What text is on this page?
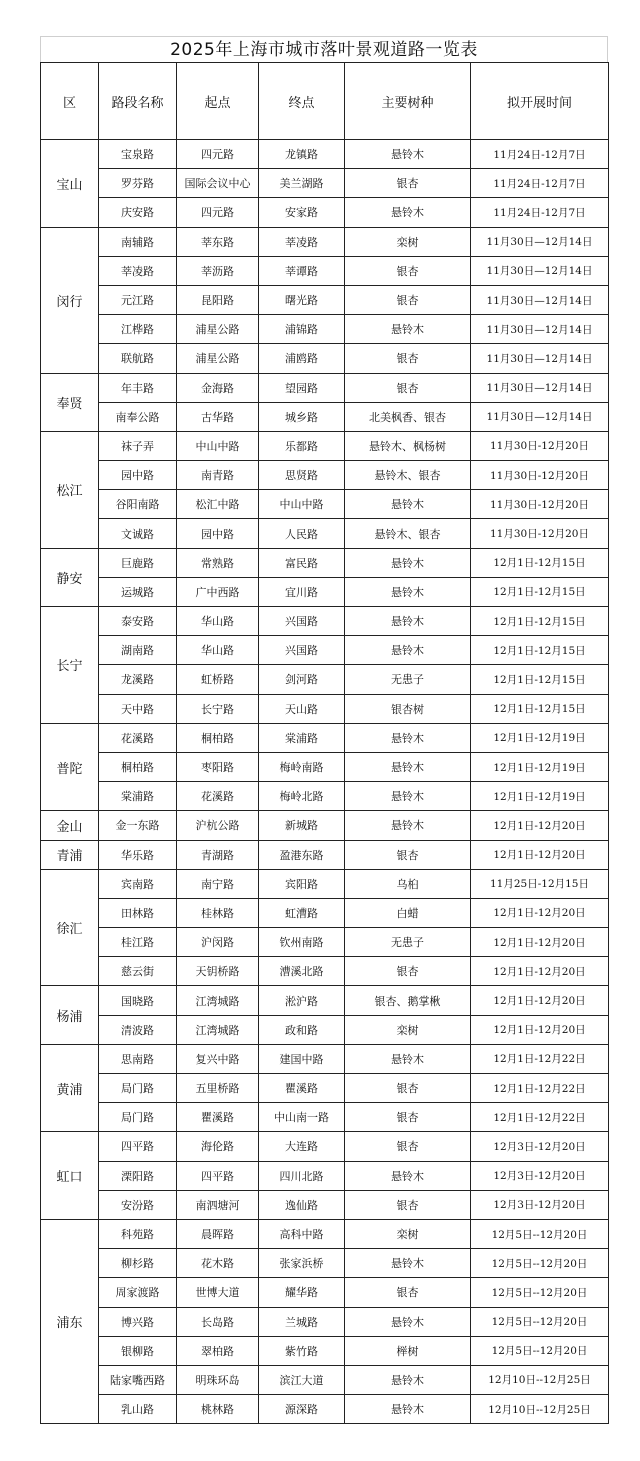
2025年上海市城市落叶景观道路一览表
区	路段名称	起点	终点	主要树种	拟开展时间
宝山	宝泉路	四元路	龙镇路	悬铃木	11月24日-12月7日
	罗芬路	国际会议中心	美兰湖路	银杏	11月24日-12月7日
	庆安路	四元路	安家路	悬铃木	11月24日-12月7日
闵行	南辅路	莘东路	莘凌路	栾树	11月30日—12月14日
	莘凌路	莘沥路	莘谭路	银杏	11月30日—12月14日
	元江路	昆阳路	曙光路	银杏	11月30日—12月14日
	江桦路	浦星公路	浦锦路	悬铃木	11月30日—12月14日
	联航路	浦星公路	浦鸥路	银杏	11月30日—12月14日
奉贤	年丰路	金海路	望园路	银杏	11月30日—12月14日
	南奉公路	古华路	城乡路	北美枫香、银杏	11月30日—12月14日
松江	袜子弄	中山中路	乐都路	悬铃木、枫杨树	11月30日-12月20日
	园中路	南青路	思贤路	悬铃木、银杏	11月30日-12月20日
	谷阳南路	松汇中路	中山中路	悬铃木	11月30日-12月20日
	文诚路	园中路	人民路	悬铃木、银杏	11月30日-12月20日
静安	巨鹿路	常熟路	富民路	悬铃木	12月1日-12月15日
	运城路	广中西路	宜川路	悬铃木	12月1日-12月15日
长宁	泰安路	华山路	兴国路	悬铃木	12月1日-12月15日
	湖南路	华山路	兴国路	悬铃木	12月1日-12月15日
	龙溪路	虹桥路	剑河路	无患子	12月1日-12月15日
	天中路	长宁路	天山路	银杏树	12月1日-12月15日
普陀	花溪路	桐柏路	棠浦路	悬铃木	12月1日-12月19日
	桐柏路	枣阳路	梅岭南路	悬铃木	12月1日-12月19日
	棠浦路	花溪路	梅岭北路	悬铃木	12月1日-12月19日
金山	金一东路	沪杭公路	新城路	悬铃木	12月1日-12月20日
青浦	华乐路	青湖路	盈港东路	银杏	12月1日-12月20日
徐汇	宾南路	南宁路	宾阳路	乌桕	11月25日-12月15日
	田林路	桂林路	虹漕路	白蜡	12月1日-12月20日
	桂江路	沪闵路	钦州南路	无患子	12月1日-12月20日
	慈云街	天钥桥路	漕溪北路	银杏	12月1日-12月20日
杨浦	国晓路	江湾城路	淞沪路	银杏、鹅掌楸	12月1日-12月20日
	清波路	江湾城路	政和路	栾树	12月1日-12月20日
黄浦	思南路	复兴中路	建国中路	悬铃木	12月1日-12月22日
	局门路	五里桥路	瞿溪路	银杏	12月1日-12月22日
	局门路	瞿溪路	中山南一路	银杏	12月1日-12月22日
虹口	四平路	海伦路	大连路	银杏	12月3日-12月20日
	溧阳路	四平路	四川北路	悬铃木	12月3日-12月20日
	安汾路	南泗塘河	逸仙路	银杏	12月3日-12月20日
浦东	科苑路	晨晖路	高科中路	栾树	12月5日--12月20日
	柳杉路	花木路	张家浜桥	悬铃木	12月5日--12月20日
	周家渡路	世博大道	耀华路	银杏	12月5日--12月20日
	博兴路	长岛路	兰城路	悬铃木	12月5日--12月20日
	银柳路	翠柏路	紫竹路	榉树	12月5日--12月20日
	陆家嘴西路	明珠环岛	滨江大道	悬铃木	12月10日--12月25日
	乳山路	桃林路	源深路	悬铃木	12月10日--12月25日
